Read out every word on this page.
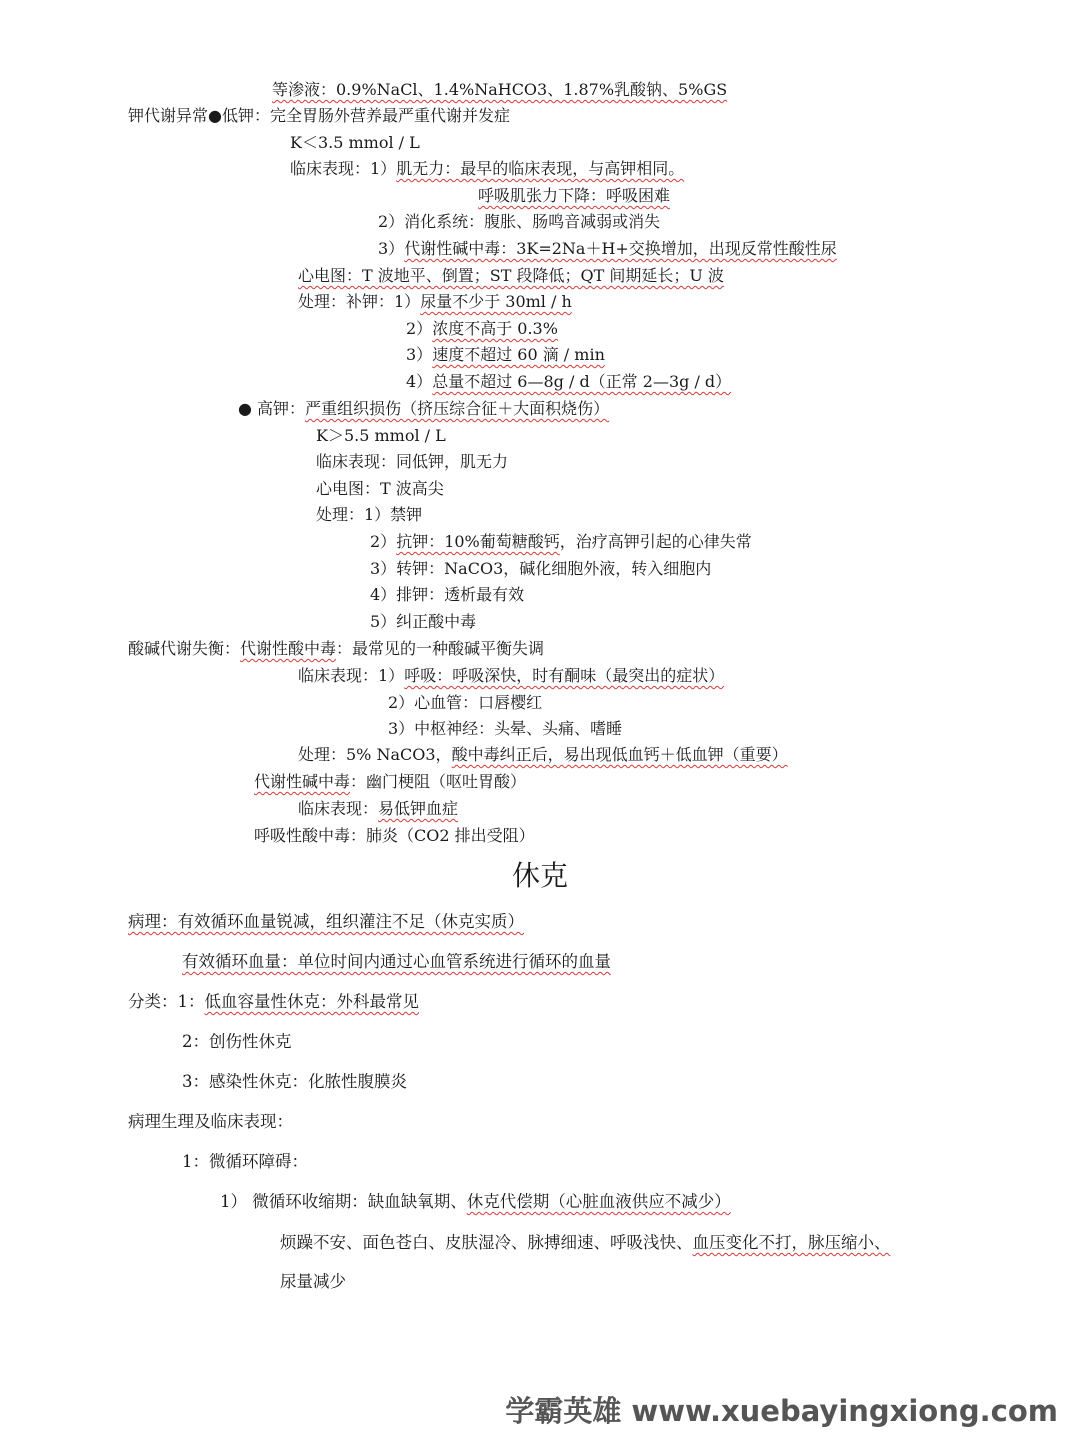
等渗液：0.9%NaCl、1.4%NaHCO3、1.87%乳酸钠、5%GS
钾代谢异常●低钾：完全胃肠外营养最严重代谢并发症
K＜3.5 mmol / L
临床表现：1）肌无力：最早的临床表现，与高钾相同。
呼吸肌张力下降：呼吸困难
2）消化系统：腹胀、肠鸣音减弱或消失
3）代谢性碱中毒：3K=2Na＋H+交换增加，出现反常性酸性尿
心电图：T 波地平、倒置；ST 段降低；QT 间期延长；U 波
处理：补钾：1）尿量不少于 30ml / h
2）浓度不高于 0.3%
3）速度不超过 60 滴 / min
4）总量不超过 6—8g / d（正常 2—3g / d）
● 高钾：严重组织损伤（挤压综合征＋大面积烧伤）
K＞5.5 mmol / L
临床表现：同低钾，肌无力
心电图：T 波高尖
处理：1）禁钾
2）抗钾：10%葡萄糖酸钙，治疗高钾引起的心律失常
3）转钾：NaCO3，碱化细胞外液，转入细胞内
4）排钾：透析最有效
5）纠正酸中毒
酸碱代谢失衡：代谢性酸中毒：最常见的一种酸碱平衡失调
临床表现：1）呼吸：呼吸深快，时有酮味（最突出的症状）
2）心血管：口唇樱红
3）中枢神经：头晕、头痛、嗜睡
处理：5% NaCO3，酸中毒纠正后，易出现低血钙＋低血钾（重要）
代谢性碱中毒：幽门梗阻（呕吐胃酸）
临床表现：易低钾血症
呼吸性酸中毒：肺炎（CO2 排出受阻）
休克
病理：有效循环血量锐减，组织灌注不足（休克实质）
有效循环血量：单位时间内通过心血管系统进行循环的血量
分类：1：低血容量性休克：外科最常见
2：创伤性休克
3：感染性休克：化脓性腹膜炎
病理生理及临床表现：
1：微循环障碍：
1） 微循环收缩期：缺血缺氧期、休克代偿期（心脏血液供应不减少）
烦躁不安、面色苍白、皮肤湿冷、脉搏细速、呼吸浅快、血压变化不打，脉压缩小、
尿量减少
学霸英雄 www.xuebayingxiong.com
